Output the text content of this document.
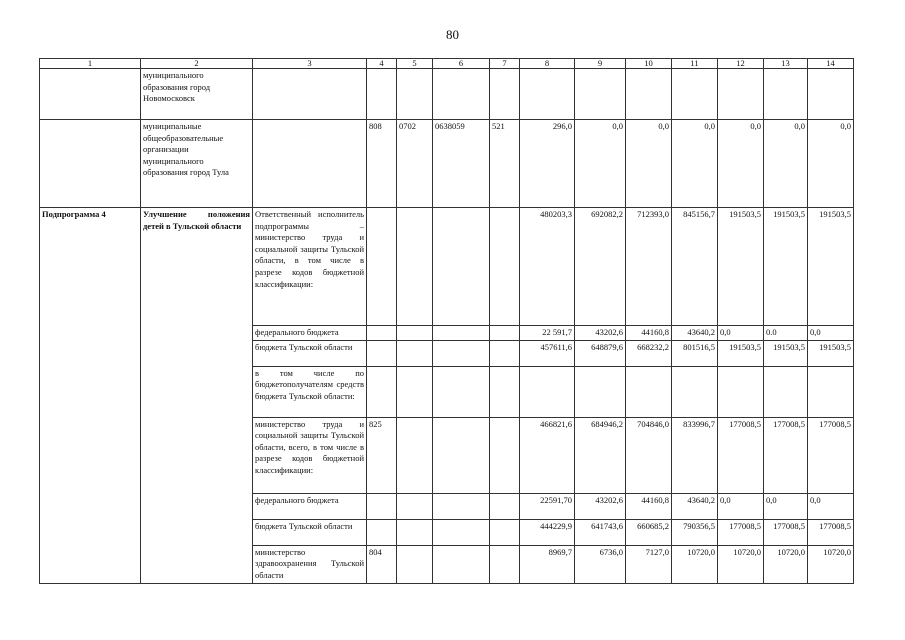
80
1	2	3	4	5	6	7	8	9	10	11	12	13	14
	муниципального образования город Новомосковск												
	муниципальные общеобразовательные организации муниципального образования город Тула		808	0702	0638059	521	296,0	0,0	0,0	0,0	0,0	0,0	0,0
Подпрограмма 4	Улучшение положения детей в Тульской области	Ответственный исполнитель подпрограммы – министерство труда и социальной защиты Тульской области, в том числе в разрезе кодов бюджетной классификации:					480203,3	692082,2	712393,0	845156,7	191503,5	191503,5	191503,5
		федерального бюджета					22 591,7	43202,6	44160,8	43640,2	0,0	0.0	0,0
		бюджета Тульской области					457611,6	648879,6	668232,2	801516,5	191503,5	191503,5	191503,5
		в том числе по бюджетополучателям средств бюджета Тульской области:											
		министерство труда и социальной защиты Тульской области, всего, в том числе в разрезе кодов бюджетной классификации:	825				466821,6	684946,2	704846,0	833996,7	177008,5	177008,5	177008,5
		федерального бюджета					22591,70	43202,6	44160,8	43640,2	0,0	0,0	0,0
		бюджета Тульской области					444229,9	641743,6	660685,2	790356,5	177008,5	177008,5	177008,5
		министерство здравоохранения Тульской области	804				8969,7	6736,0	7127,0	10720,0	10720,0	10720,0	10720,0
